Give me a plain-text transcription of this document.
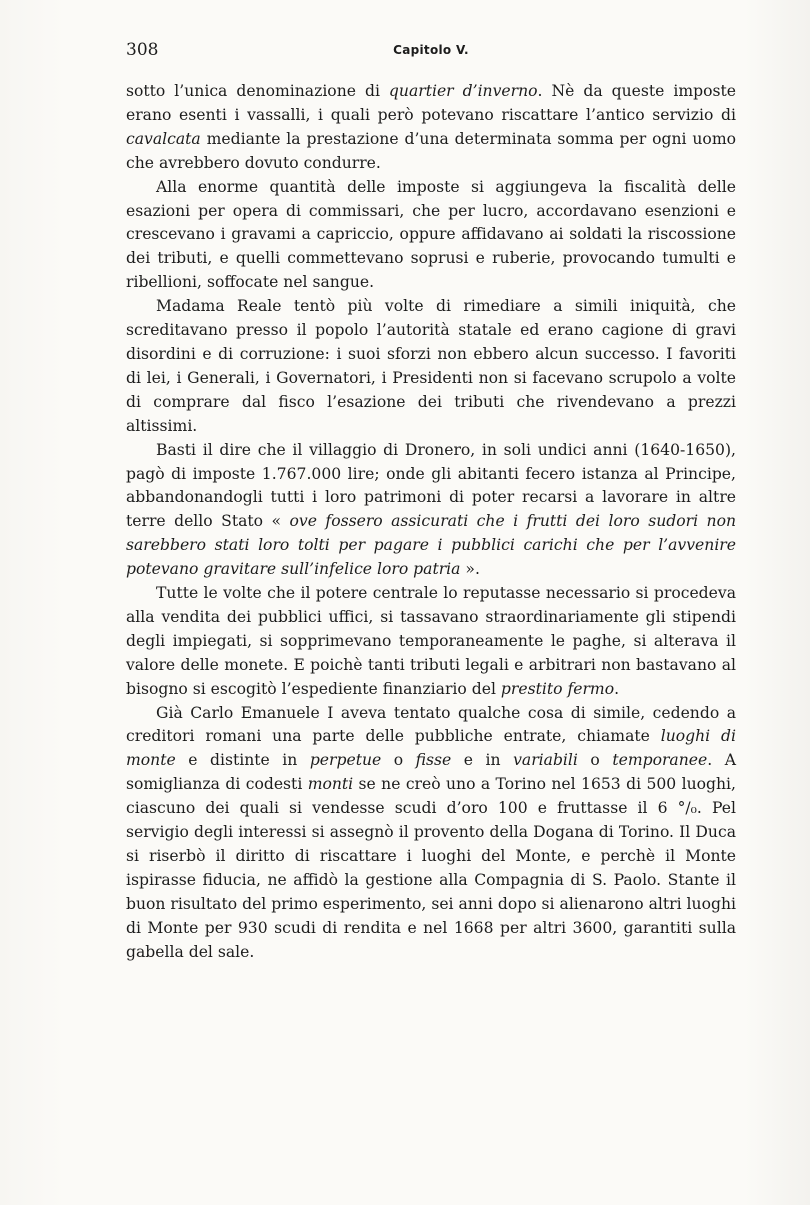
308	Capitolo V.

sotto l’unica denominazione di quartier d’inverno. Nè da queste imposte erano esenti i vassalli, i quali però potevano riscattare l’antico servizio di cavalcata mediante la prestazione d’una determinata somma per ogni uomo che avrebbero dovuto condurre.

Alla enorme quantità delle imposte si aggiungeva la fiscalità delle esazioni per opera di commissari, che per lucro, accordavano esenzioni e crescevano i gravami a capriccio, oppure affidavano ai soldati la riscossione dei tributi, e quelli commettevano soprusi e ruberie, provocando tumulti e ribellioni, soffocate nel sangue.

Madama Reale tentò più volte di rimediare a simili iniquità, che screditavano presso il popolo l’autorità statale ed erano cagione di gravi disordini e di corruzione: i suoi sforzi non ebbero alcun successo. I favoriti di lei, i Generali, i Governatori, i Presidenti non si facevano scrupolo a volte di comprare dal fisco l’esazione dei tributi che rivendevano a prezzi altissimi.

Basti il dire che il villaggio di Dronero, in soli undici anni (1640-1650), pagò di imposte 1.767.000 lire; onde gli abitanti fecero istanza al Principe, abbandonandogli tutti i loro patrimoni di poter recarsi a lavorare in altre terre dello Stato « ove fossero assicurati che i frutti dei loro sudori non sarebbero stati loro tolti per pagare i pubblici carichi che per l’avvenire potevano gravitare sull’infelice loro patria ».

Tutte le volte che il potere centrale lo reputasse necessario si procedeva alla vendita dei pubblici uffici, si tassavano straordinariamente gli stipendi degli impiegati, si sopprimevano temporaneamente le paghe, si alterava il valore delle monete. E poichè tanti tributi legali e arbitrari non bastavano al bisogno si escogitò l’espediente finanziario del prestito fermo.

Già Carlo Emanuele I aveva tentato qualche cosa di simile, cedendo a creditori romani una parte delle pubbliche entrate, chiamate luoghi di monte e distinte in perpetue o fisse e in variabili o temporanee. A somiglianza di codesti monti se ne creò uno a Torino nel 1653 di 500 luoghi, ciascuno dei quali si vendesse scudi d’oro 100 e fruttasse il 6 °/₀. Pel servigio degli interessi si assegnò il provento della Dogana di Torino. Il Duca si riserbò il diritto di riscattare i luoghi del Monte, e perchè il Monte ispirasse fiducia, ne affidò la gestione alla Compagnia di S. Paolo. Stante il buon risultato del primo esperimento, sei anni dopo si alienarono altri luoghi di Monte per 930 scudi di rendita e nel 1668 per altri 3600, garantiti sulla gabella del sale.
